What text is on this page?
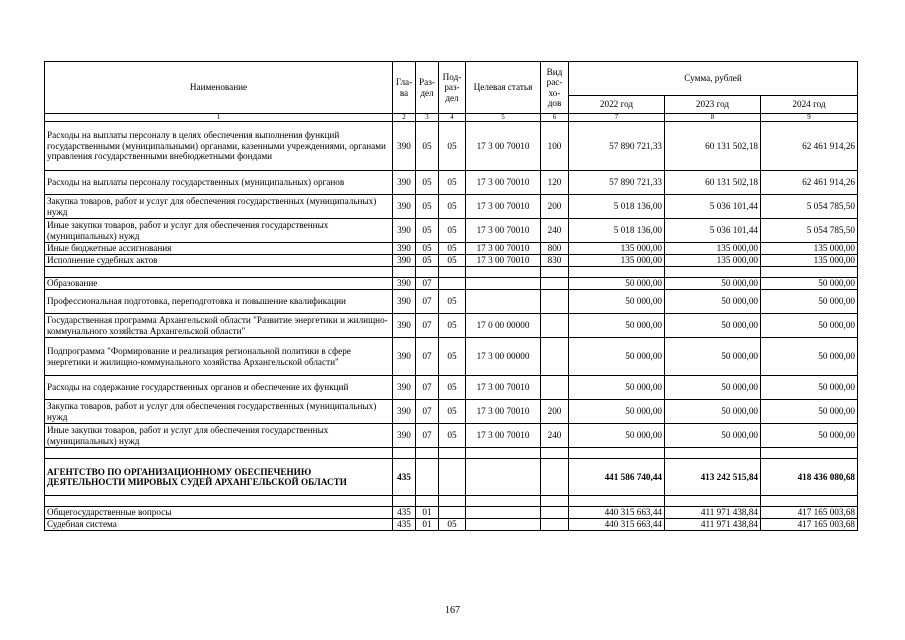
Наименование	Гла-ва	Раз-дел	Под-раз-дел	Целевая статья	Вид рас-хо-дов	Сумма, рублей		
						2022 год	2023 год	2024 год
1	2	3	4	5	6	7	8	9
Расходы на выплаты персоналу в целях обеспечения выполнения функций государственными (муниципальными) органами, казенными учреждениями, органами управления государственными внебюджетными фондами	390	05	05	17 3 00 70010	100	57 890 721,33	60 131 502,18	62 461 914,26
Расходы на выплаты персоналу государственных (муниципальных) органов	390	05	05	17 3 00 70010	120	57 890 721,33	60 131 502,18	62 461 914,26
Закупка товаров, работ и услуг для обеспечения государственных (муниципальных) нужд	390	05	05	17 3 00 70010	200	5 018 136,00	5 036 101,44	5 054 785,50
Иные закупки товаров, работ и услуг для обеспечения государственных (муниципальных) нужд	390	05	05	17 3 00 70010	240	5 018 136,00	5 036 101,44	5 054 785,50
Иные бюджетные ассигнования	390	05	05	17 3 00 70010	800	135 000,00	135 000,00	135 000,00
Исполнение судебных актов	390	05	05	17 3 00 70010	830	135 000,00	135 000,00	135 000,00

Образование	390	07				50 000,00	50 000,00	50 000,00
Профессиональная подготовка, переподготовка и повышение квалификации	390	07	05			50 000,00	50 000,00	50 000,00
Государственная программа Архангельской области "Развитие энергетики и жилищно-коммунального хозяйства Архангельской области"	390	07	05	17 0 00 00000		50 000,00	50 000,00	50 000,00
Подпрограмма "Формирование и реализация региональной политики в сфере энергетики и жилищно-коммунального хозяйства Архангельской области"	390	07	05	17 3 00 00000		50 000,00	50 000,00	50 000,00
Расходы на содержание государственных органов и обеспечение их функций	390	07	05	17 3 00 70010		50 000,00	50 000,00	50 000,00
Закупка товаров, работ и услуг для обеспечения государственных (муниципальных) нужд	390	07	05	17 3 00 70010	200	50 000,00	50 000,00	50 000,00
Иные закупки товаров, работ и услуг для обеспечения государственных (муниципальных) нужд	390	07	05	17 3 00 70010	240	50 000,00	50 000,00	50 000,00

АГЕНТСТВО ПО ОРГАНИЗАЦИОННОМУ ОБЕСПЕЧЕНИЮ ДЕЯТЕЛЬНОСТИ МИРОВЫХ СУДЕЙ АРХАНГЕЛЬСКОЙ ОБЛАСТИ	435					441 586 740,44	413 242 515,84	418 436 080,68

Общегосударственные вопросы	435	01				440 315 663,44	411 971 438,84	417 165 003,68
Судебная система	435	01	05			440 315 663,44	411 971 438,84	417 165 003,68
167
